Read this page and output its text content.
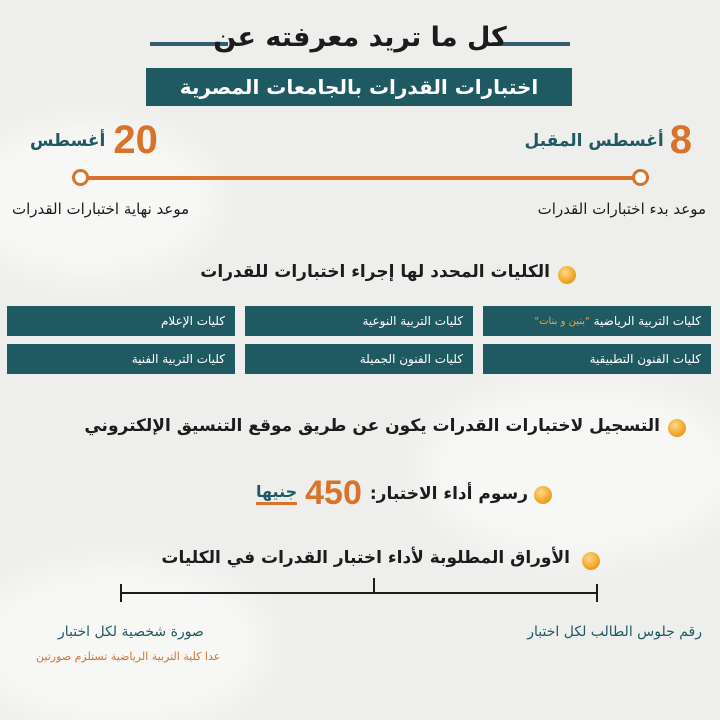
كل ما تريد معرفته عن
اختبارات القدرات بالجامعات المصرية
8
أغسطس المقبل
20
أغسطس
موعد بدء اختبارات القدرات
موعد نهاية اختبارات القدرات
الكليات المحدد لها إجراء اختبارات للقدرات
كليات التربية الرياضية
"بنين و بنات"
كليات التربية النوعية
كليات الإعلام
كليات الفنون التطبيقية
كليات الفنون الجميلة
كليات التربية الفنية
التسجيل لاختبارات القدرات يكون عن طريق موقع التنسيق الإلكتروني
رسوم أداء الاختبار:
450
جنيها
الأوراق المطلوبة لأداء اختبار القدرات في الكليات
رقم جلوس الطالب لكل اختبار
صورة شخصية لكل اختبار
عدا كلية التربية الرياضية تستلزم صورتين
